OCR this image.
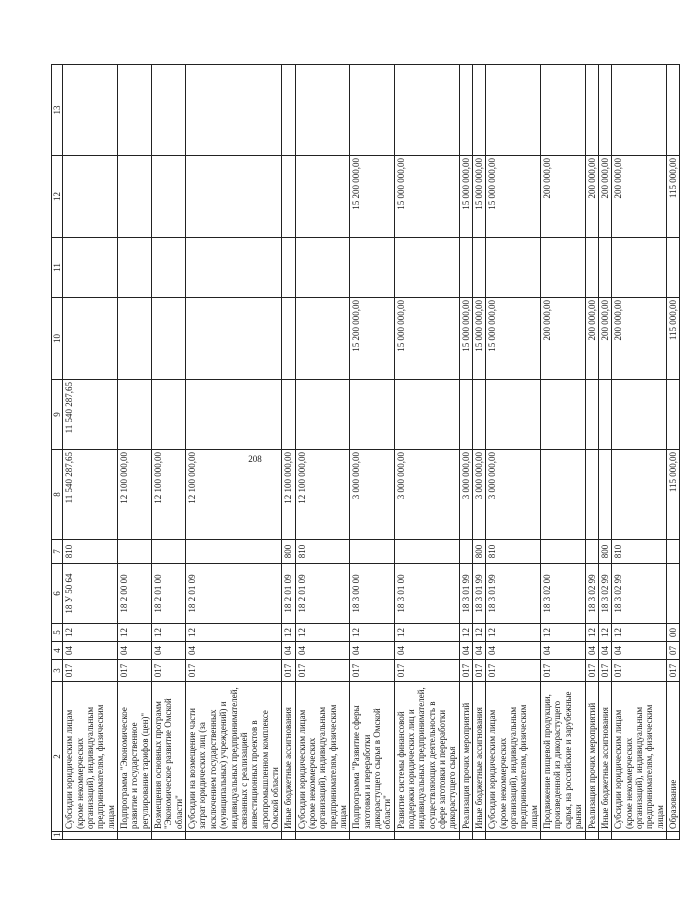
208
1	2	3	4	5	6	7	8	9	10	11	12	13
	Субсидии юридическим лицам (кроме некоммерческих организаций), индивидуальным предпринимателям, физическим лицам	017	04	12	18 У 50 64	810	11 540 287,65	11 540 287,65				
	Подпрограмма "Экономическое развитие и государственное регулирование тарифов (цен)"	017	04	12	18 2 00 00		12 100 000,00					
	Возмещения основных программ "Экономическое развитие Омской области"	017	04	12	18 2 01 00		12 100 000,00					
	Субсидии на возмещение части затрат юридических лиц (за исключением государственных (муниципальных) учреждений) и индивидуальных предпринимателей, связанных с реализацией инвестиционных проектов в агропромышленном комплексе Омской области	017	04	12	18 2 01 09		12 100 000,00					
	Иные бюджетные ассигнования	017	04	12	18 2 01 09	800	12 100 000,00					
	Субсидии юридическим лицам (кроме некоммерческих организаций), индивидуальным предпринимателям, физическим лицам	017	04	12	18 2 01 09	810	12 100 000,00					
	Подпрограмма "Развитие сферы заготовки и переработки дикорастущего сырья в Омской области"	017	04	12	18 3 00 00		3 000 000,00		15 200 000,00		15 200 000,00	
	Развитие системы финансовой поддержки юридических лиц и индивидуальных предпринимателей, осуществляющих деятельность в сфере заготовки и переработки дикорастущего сырья	017	04	12	18 3 01 00		3 000 000,00		15 000 000,00		15 000 000,00	
	Реализация прочих мероприятий	017	04	12	18 3 01 99		3 000 000,00		15 000 000,00		15 000 000,00	
	Иные бюджетные ассигнования	017	04	12	18 3 01 99	800	3 000 000,00		15 000 000,00		15 000 000,00	
	Субсидии юридическим лицам (кроме некоммерческих организаций), индивидуальным предпринимателям, физическим лицам	017	04	12	18 3 01 99	810	3 000 000,00		15 000 000,00		15 000 000,00	
	Продвижение пищевой продукции, произведенной из дикорастущего сырья, на российские и зарубежные рынки	017	04	12	18 3 02 00				200 000,00		200 000,00	
	Реализация прочих мероприятий	017	04	12	18 3 02 99				200 000,00		200 000,00	
	Иные бюджетные ассигнования	017	04	12	18 3 02 99	800			200 000,00		200 000,00	
	Субсидии юридическим лицам (кроме некоммерческих организаций), индивидуальным предпринимателям, физическим лицам	017	04	12	18 3 02 99	810			200 000,00		200 000,00	
	Образование	017	07	00			115 000,00		115 000,00		115 000,00	
